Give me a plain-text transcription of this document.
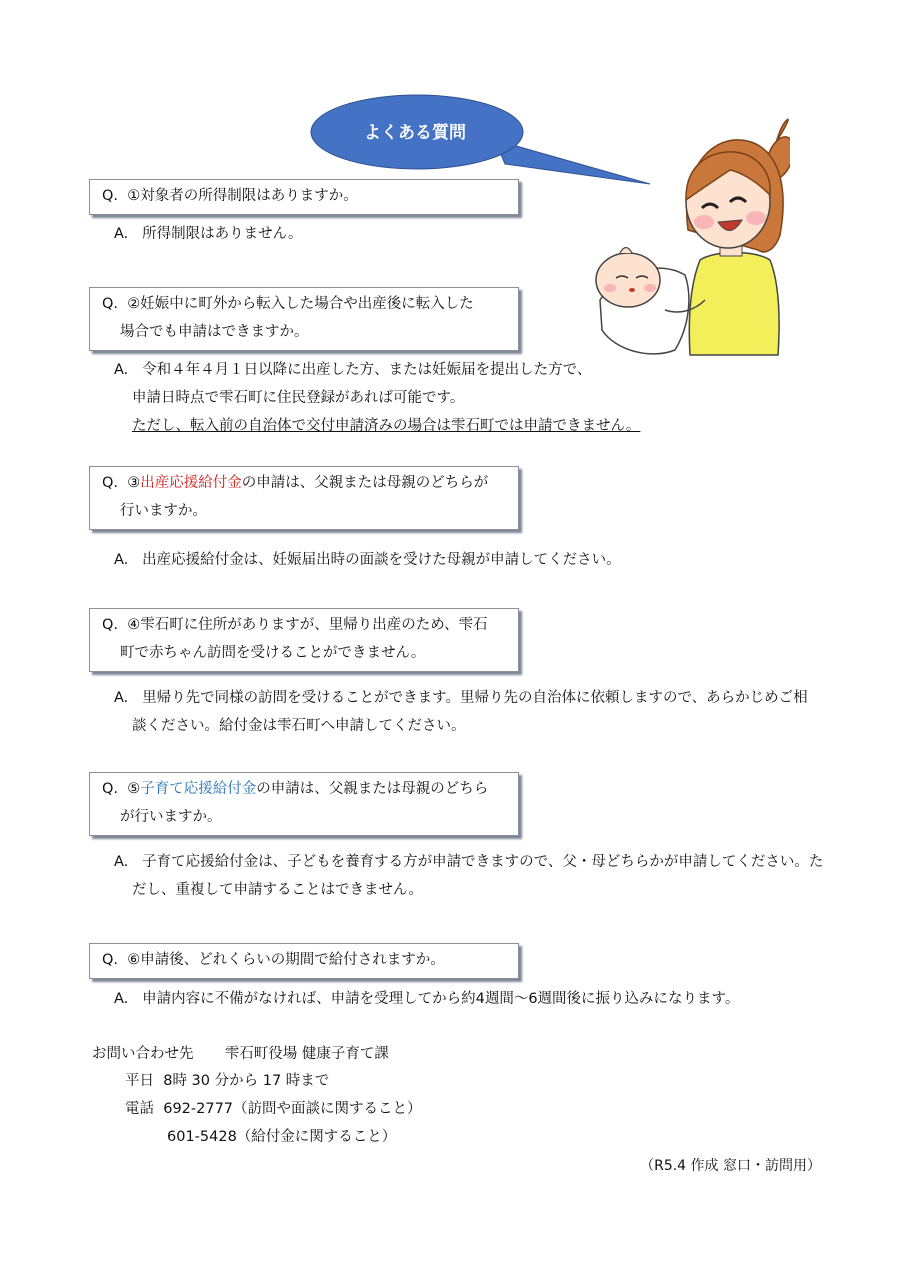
よくある質問
Q. ①対象者の所得制限はありますか。
A. 所得制限はありません。
Q. ②妊娠中に町外から転入した場合や出産後に転入した
場合でも申請はできますか。
A. 令和４年４月１日以降に出産した方、または妊娠届を提出した方で、
申請日時点で雫石町に住民登録があれば可能です。
ただし、転入前の自治体で交付申請済みの場合は雫石町では申請できません。
Q. ③出産応援給付金の申請は、父親または母親のどちらが
行いますか。
A. 出産応援給付金は、妊娠届出時の面談を受けた母親が申請してください。
Q. ④雫石町に住所がありますが、里帰り出産のため、雫石
町で赤ちゃん訪問を受けることができません。
A. 里帰り先で同様の訪問を受けることができます。里帰り先の自治体に依頼しますので、あらかじめご相
談ください。給付金は雫石町へ申請してください。
Q. ⑤子育て応援給付金の申請は、父親または母親のどちら
が行いますか。
A. 子育て応援給付金は、子どもを養育する方が申請できますので、父・母どちらかが申請してください。た
だし、重複して申請することはできません。
Q. ⑥申請後、どれくらいの期間で給付されますか。
A. 申請内容に不備がなければ、申請を受理してから約4週間～6週間後に振り込みになります。
お問い合わせ先 雫石町役場 健康子育て課
平日 8時 30 分から 17 時まで
電話 692-2777（訪問や面談に関すること）
601-5428（給付金に関すること）
（R5.4 作成 窓口・訪問用）
